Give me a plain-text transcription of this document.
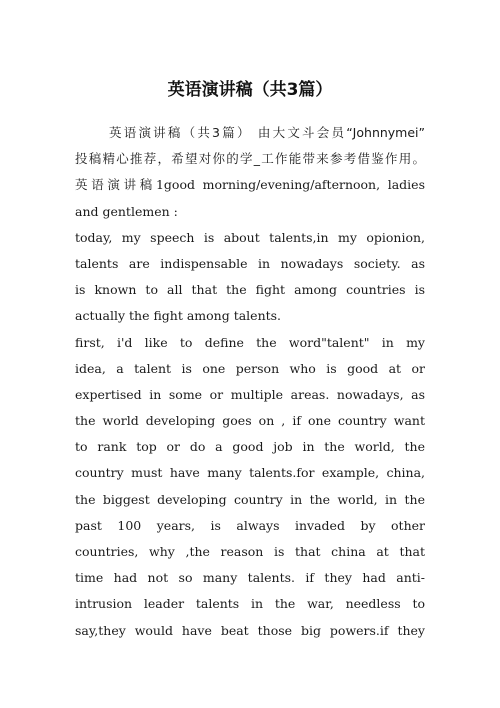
英语演讲稿（共3篇）
英语演讲稿（共3篇） 由大文斗会员“Johnnymei”
投稿精心推荐，希望对你的学_工作能带来参考借鉴作用。
英语演讲稿1good morning/evening/afternoon, ladies
and gentlemen :
today, my speech is about talents,in my opionion,
talents are indispensable in nowadays society. as
is known to all that the fight among countries is
actually the fight among talents.
first, i'd like to define the word"talent" in my
idea, a talent is one person who is good at or
expertised in some or multiple areas. nowadays, as
the world developing goes on , if one country want
to rank top or do a good job in the world, the
country must have many talents.for example, china,
the biggest developing country in the world, in the
past 100 years, is always invaded by other
countries, why ,the reason is that china at that
time had not so many talents. if they had anti-
intrusion leader talents in the war, needless to
say,they would have beat those big powers.if they
